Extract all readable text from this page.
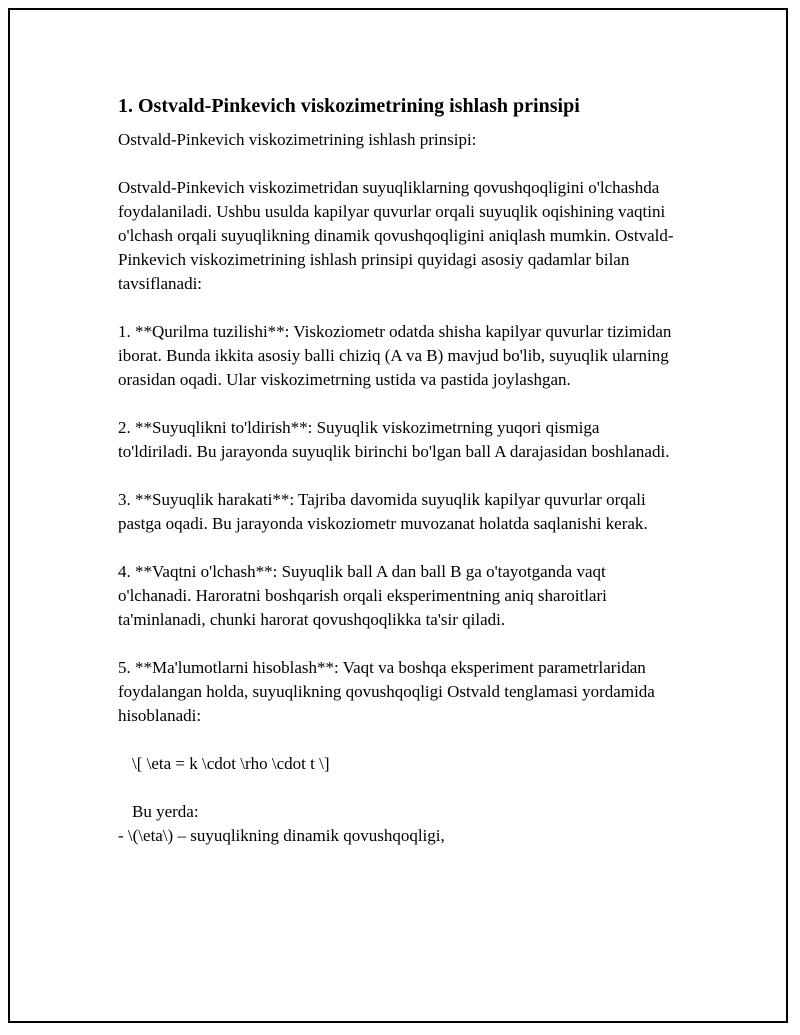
1. Ostvald-Pinkevich viskozimetrining ishlash prinsipi

Ostvald-Pinkevich viskozimetrining ishlash prinsipi:

Ostvald-Pinkevich viskozimetridan suyuqliklarning qovushqoqligini o'lchashda foydalaniladi. Ushbu usulda kapilyar quvurlar orqali suyuqlik oqishining vaqtini o'lchash orqali suyuqlikning dinamik qovushqoqligini aniqlash mumkin. Ostvald-Pinkevich viskozimetrining ishlash prinsipi quyidagi asosiy qadamlar bilan tavsiflanadi:

1. **Qurilma tuzilishi**: Viskoziometr odatda shisha kapilyar quvurlar tizimidan iborat. Bunda ikkita asosiy balli chiziq (A va B) mavjud bo'lib, suyuqlik ularning orasidan oqadi. Ular viskozimetrning ustida va pastida joylashgan.

2. **Suyuqlikni to'ldirish**: Suyuqlik viskozimetrning yuqori qismiga to'ldiriladi. Bu jarayonda suyuqlik birinchi bo'lgan ball A darajasidan boshlanadi.

3. **Suyuqlik harakati**: Tajriba davomida suyuqlik kapilyar quvurlar orqali pastga oqadi. Bu jarayonda viskoziometr muvozanat holatda saqlanishi kerak.

4. **Vaqtni o'lchash**: Suyuqlik ball A dan ball B ga o'tayotganda vaqt o'lchanadi. Haroratni boshqarish orqali eksperimentning aniq sharoitlari ta'minlanadi, chunki harorat qovushqoqlikka ta'sir qiladi.

5. **Ma'lumotlarni hisoblash**: Vaqt va boshqa eksperiment parametrlaridan foydalangan holda, suyuqlikning qovushqoqligi Ostvald tenglamasi yordamida hisoblanadi:

\[ \eta = k \cdot \rho \cdot t \]

Bu yerda:

- \(\eta\) – suyuqlikning dinamik qovushqoqligi,
